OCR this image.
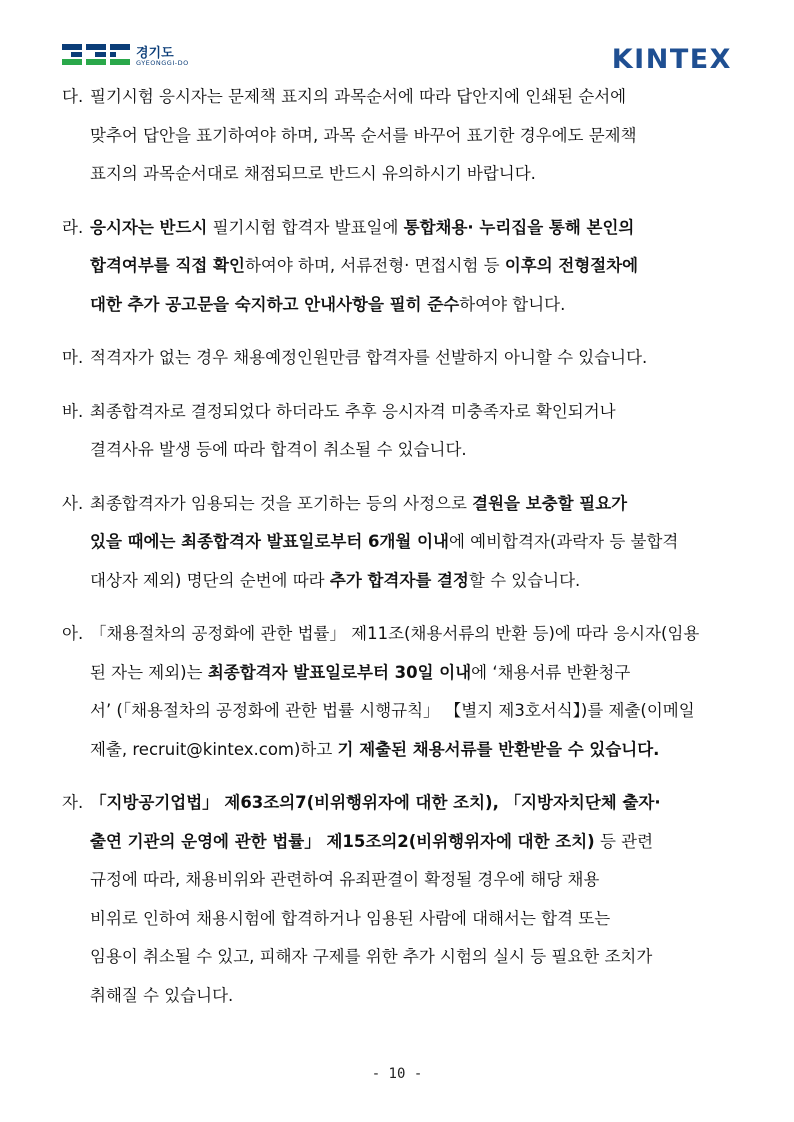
경기도
GYEONGGI-DO	KINTEX
다. 필기시험 응시자는 문제책 표지의 과목순서에 따라 답안지에 인쇄된 순서에
맞추어 답안을 표기하여야 하며, 과목 순서를 바꾸어 표기한 경우에도 문제책
표지의 과목순서대로 채점되므로 반드시 유의하시기 바랍니다.
라. 응시자는 반드시 필기시험 합격자 발표일에 통합채용· 누리집을 통해 본인의
합격여부를 직접 확인하여야 하며, 서류전형· 면접시험 등 이후의 전형절차에
대한 추가 공고문을 숙지하고 안내사항을 필히 준수하여야 합니다.
마. 적격자가 없는 경우 채용예정인원만큼 합격자를 선발하지 아니할 수 있습니다.
바. 최종합격자로 결정되었다 하더라도 추후 응시자격 미충족자로 확인되거나
결격사유 발생 등에 따라 합격이 취소될 수 있습니다.
사. 최종합격자가 임용되는 것을 포기하는 등의 사정으로 결원을 보충할 필요가
있을 때에는 최종합격자 발표일로부터 6개월 이내에 예비합격자(과락자 등 불합격
대상자 제외) 명단의 순번에 따라 추가 합격자를 결정할 수 있습니다.
아. 「채용절차의 공정화에 관한 법률」 제11조(채용서류의 반환 등)에 따라 응시자(임용
된 자는 제외)는 최종합격자 발표일로부터 30일 이내에 ‘채용서류 반환청구
서’ (「채용절차의 공정화에 관한 법률 시행규칙」 【별지 제3호서식】)를 제출(이메일
제출, recruit@kintex.com)하고 기 제출된 채용서류를 반환받을 수 있습니다.
자. 「지방공기업법」 제63조의7(비위행위자에 대한 조치), 「지방자치단체 출자·
출연 기관의 운영에 관한 법률」 제15조의2(비위행위자에 대한 조치) 등 관련
규정에 따라, 채용비위와 관련하여 유죄판결이 확정될 경우에 해당 채용
비위로 인하여 채용시험에 합격하거나 임용된 사람에 대해서는 합격 또는
임용이 취소될 수 있고, 피해자 구제를 위한 추가 시험의 실시 등 필요한 조치가
취해질 수 있습니다.
- 10 -
